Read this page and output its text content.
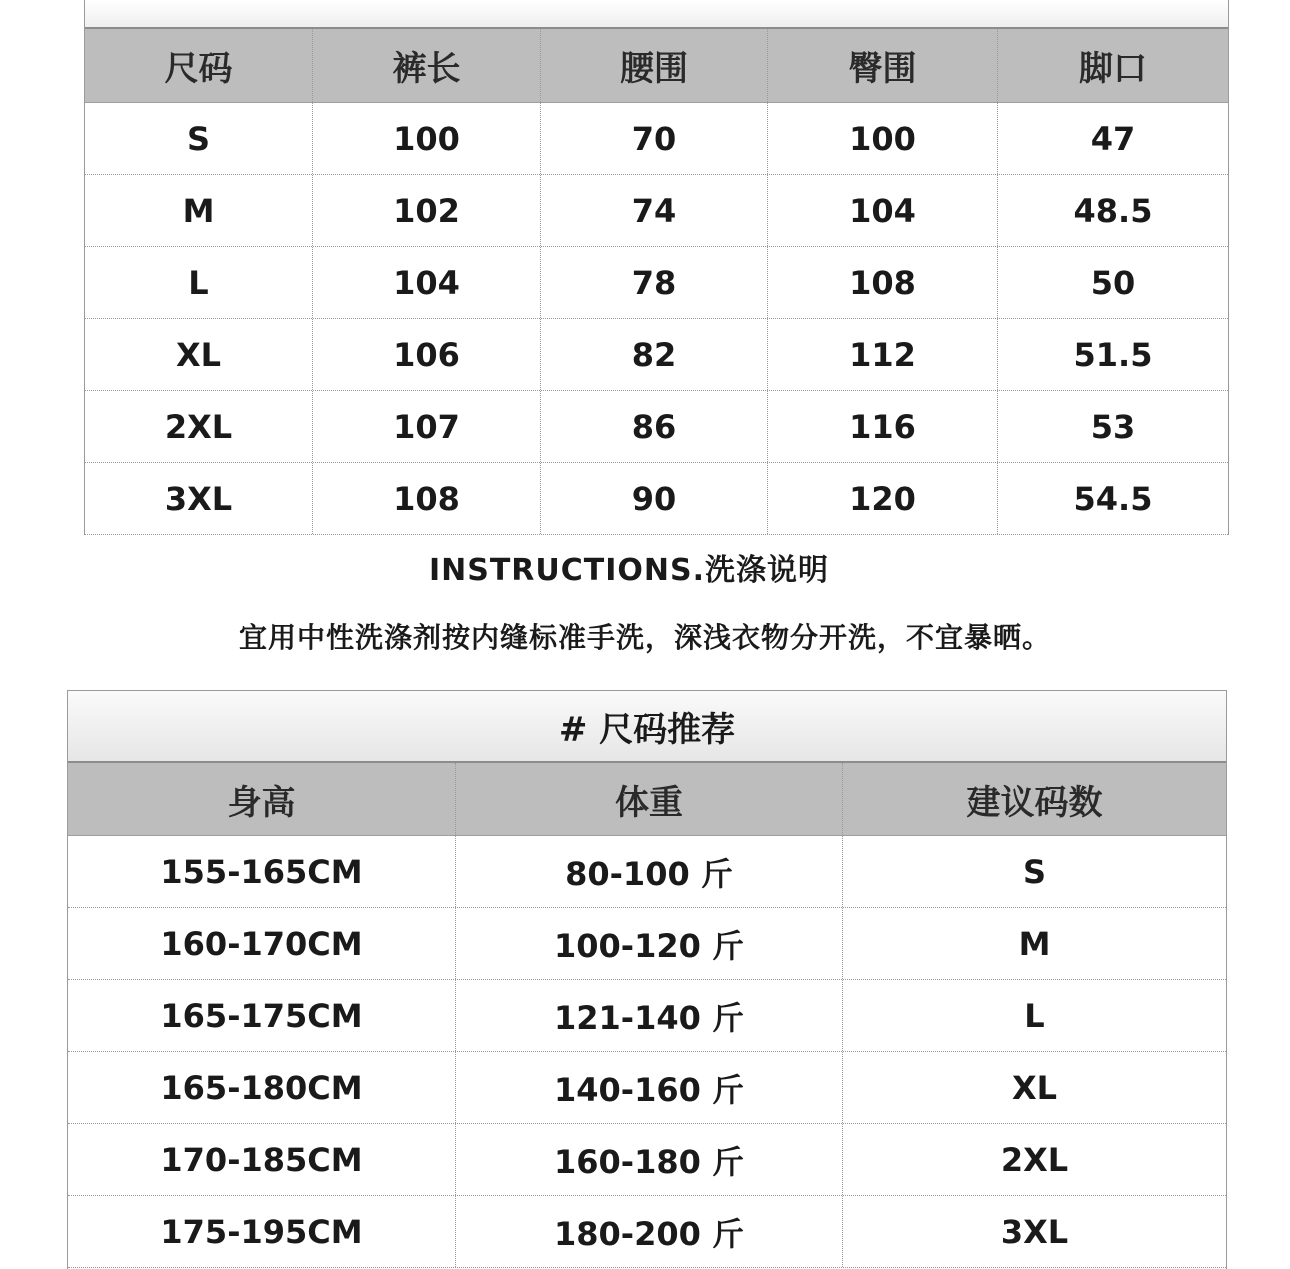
尺码	裤长	腰围	臀围	脚口
S	100	70	100	47
M	102	74	104	48.5
L	104	78	108	50
XL	106	82	112	51.5
2XL	107	86	116	53
3XL	108	90	120	54.5
INSTRUCTIONS.洗涤说明
宜用中性洗涤剂按内缝标准手洗，深浅衣物分开洗，不宜暴晒。
# 尺码推荐
身高	体重	建议码数
155-165CM	80-100 斤	S
160-170CM	100-120 斤	M
165-175CM	121-140 斤	L
165-180CM	140-160 斤	XL
170-185CM	160-180 斤	2XL
175-195CM	180-200 斤	3XL
